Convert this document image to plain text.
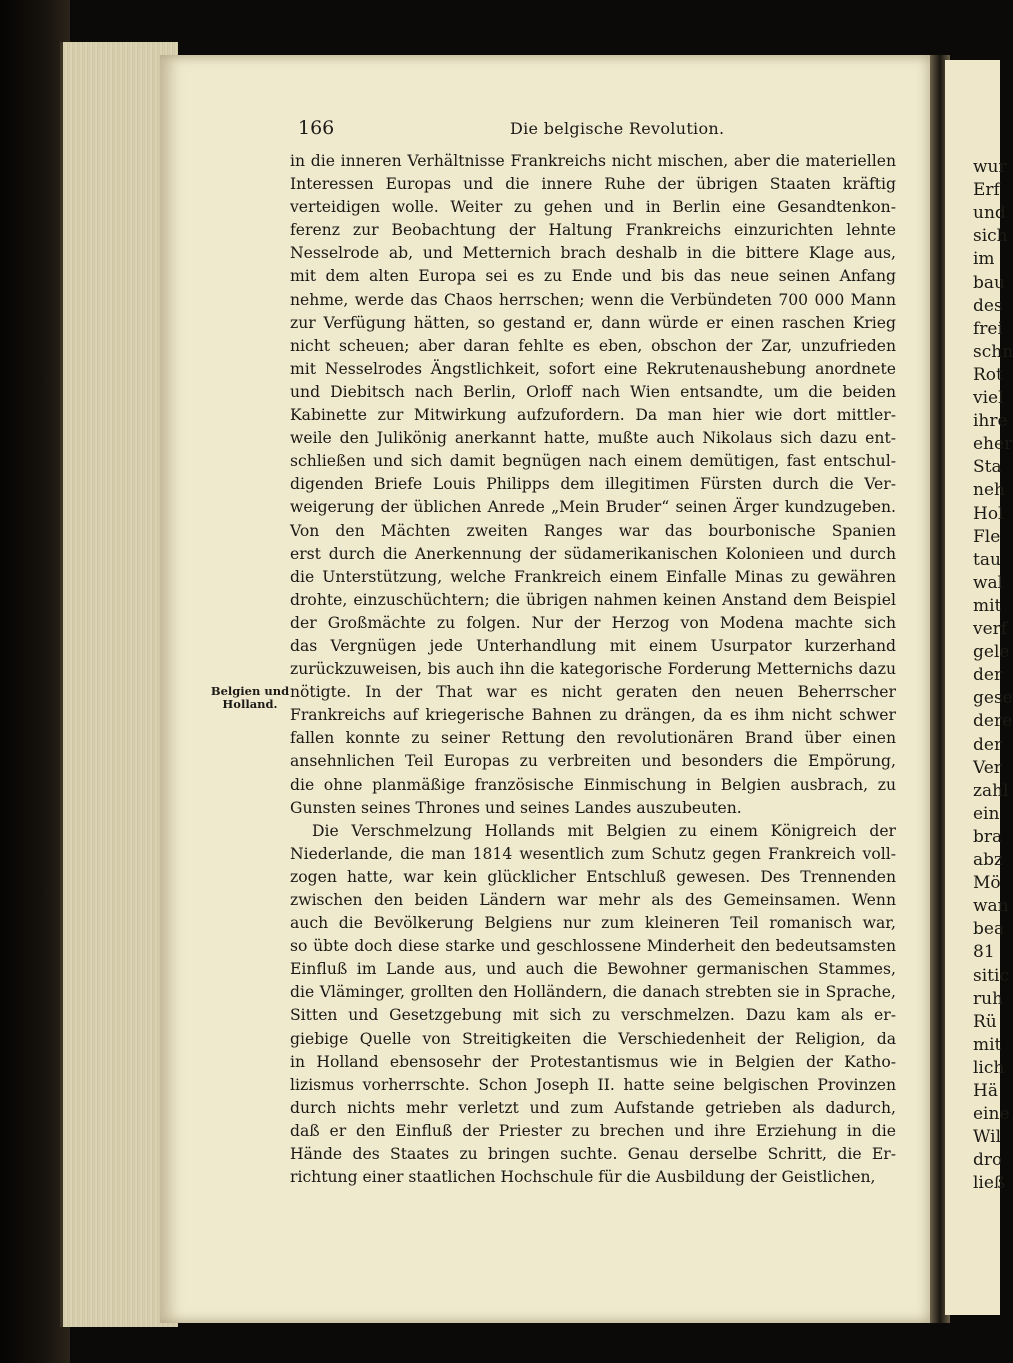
wur
Erf
und
sich
im
bau
des
frei
schn
Rot
viel
ihre
eher
Sta
neh
Hol
Fle
tau
wal
mit
verf
gele
der
gese
dere
der
Ver
zahl
ein
bra
abz
Mö
wan
bea
81
sitic
ruh
Rü
mit
lich
Hä
eine
Wil
dro
ließ
166	Die belgische Revolution.
Belgien und
Holland.
in die inneren Verhältnisse Frankreichs nicht mischen, aber die materiellen
Interessen Europas und die innere Ruhe der übrigen Staaten kräftig
verteidigen wolle. Weiter zu gehen und in Berlin eine Gesandtenkon-
ferenz zur Beobachtung der Haltung Frankreichs einzurichten lehnte
Nesselrode ab, und Metternich brach deshalb in die bittere Klage aus,
mit dem alten Europa sei es zu Ende und bis das neue seinen Anfang
nehme, werde das Chaos herrschen; wenn die Verbündeten 700 000 Mann
zur Verfügung hätten, so gestand er, dann würde er einen raschen Krieg
nicht scheuen; aber daran fehlte es eben, obschon der Zar, unzufrieden
mit Nesselrodes Ängstlichkeit, sofort eine Rekrutenaushebung anordnete
und Diebitsch nach Berlin, Orloff nach Wien entsandte, um die beiden
Kabinette zur Mitwirkung aufzufordern. Da man hier wie dort mittler-
weile den Julikönig anerkannt hatte, mußte auch Nikolaus sich dazu ent-
schließen und sich damit begnügen nach einem demütigen, fast entschul-
digenden Briefe Louis Philipps dem illegitimen Fürsten durch die Ver-
weigerung der üblichen Anrede „Mein Bruder“ seinen Ärger kundzugeben.
Von den Mächten zweiten Ranges war das bourbonische Spanien
erst durch die Anerkennung der südamerikanischen Kolonieen und durch
die Unterstützung, welche Frankreich einem Einfalle Minas zu gewähren
drohte, einzuschüchtern; die übrigen nahmen keinen Anstand dem Beispiel
der Großmächte zu folgen. Nur der Herzog von Modena machte sich
das Vergnügen jede Unterhandlung mit einem Usurpator kurzerhand
zurückzuweisen, bis auch ihn die kategorische Forderung Metternichs dazu
nötigte. In der That war es nicht geraten den neuen Beherrscher
Frankreichs auf kriegerische Bahnen zu drängen, da es ihm nicht schwer
fallen konnte zu seiner Rettung den revolutionären Brand über einen
ansehnlichen Teil Europas zu verbreiten und besonders die Empörung,
die ohne planmäßige französische Einmischung in Belgien ausbrach, zu
Gunsten seines Thrones und seines Landes auszubeuten.
Die Verschmelzung Hollands mit Belgien zu einem Königreich der
Niederlande, die man 1814 wesentlich zum Schutz gegen Frankreich voll-
zogen hatte, war kein glücklicher Entschluß gewesen. Des Trennenden
zwischen den beiden Ländern war mehr als des Gemeinsamen. Wenn
auch die Bevölkerung Belgiens nur zum kleineren Teil romanisch war,
so übte doch diese starke und geschlossene Minderheit den bedeutsamsten
Einfluß im Lande aus, und auch die Bewohner germanischen Stammes,
die Vläminger, grollten den Holländern, die danach strebten sie in Sprache,
Sitten und Gesetzgebung mit sich zu verschmelzen. Dazu kam als er-
giebige Quelle von Streitigkeiten die Verschiedenheit der Religion, da
in Holland ebensosehr der Protestantismus wie in Belgien der Katho-
lizismus vorherrschte. Schon Joseph II. hatte seine belgischen Provinzen
durch nichts mehr verletzt und zum Aufstande getrieben als dadurch,
daß er den Einfluß der Priester zu brechen und ihre Erziehung in die
Hände des Staates zu bringen suchte. Genau derselbe Schritt, die Er-
richtung einer staatlichen Hochschule für die Ausbildung der Geistlichen,
